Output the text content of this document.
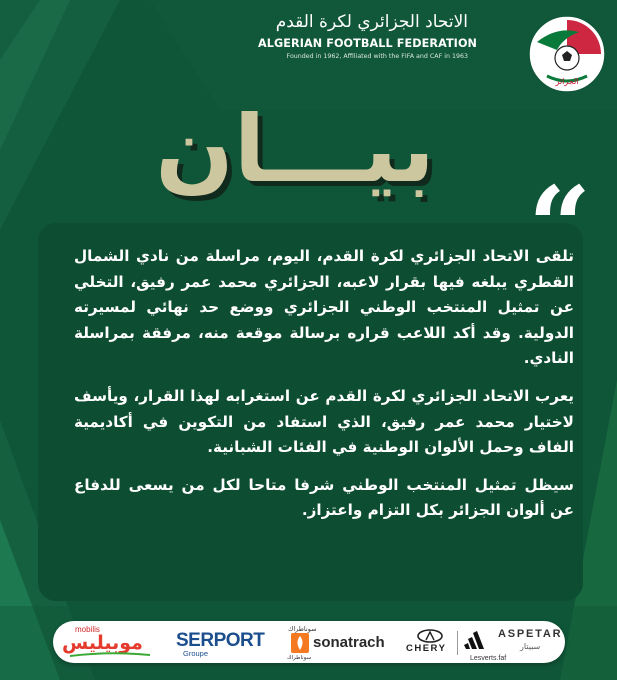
الجزائر
الاتحاد الجزائري لكرة القدم
ALGERIAN FOOTBALL FEDERATION
Founded in 1962, Affiliated with the FIFA and CAF in 1963
بيـــان

تلقى الاتحاد الجزائري لكرة القدم، اليوم، مراسلة من نادي الشمال القطري يبلغه فيها بقرار لاعبه، الجزائري محمد عمر رفيق، التخلي عن تمثيل المنتخب الوطني الجزائري ووضع حد نهائي لمسيرته الدولية. وقد أكد اللاعب قراره برسالة موقعة منه، مرفقة بمراسلة النادي.

يعرب الاتحاد الجزائري لكرة القدم عن استغرابه لهذا القرار، ويأسف لاختيار محمد عمر رفيق، الذي استفاد من التكوين في أكاديمية الفاف وحمل الألوان الوطنية في الفئات الشبانية.

سيظل تمثيل المنتخب الوطني شرفا متاحا لكل من يسعى للدفاع عن ألوان الجزائر بكل التزام واعتزاز.

mobilis
موبيليس SERPORT
Groupe
سوناطراك
سوناطراك
sonatrach CHERY
ASPETAR
سبيتار
Lesverts.faf
